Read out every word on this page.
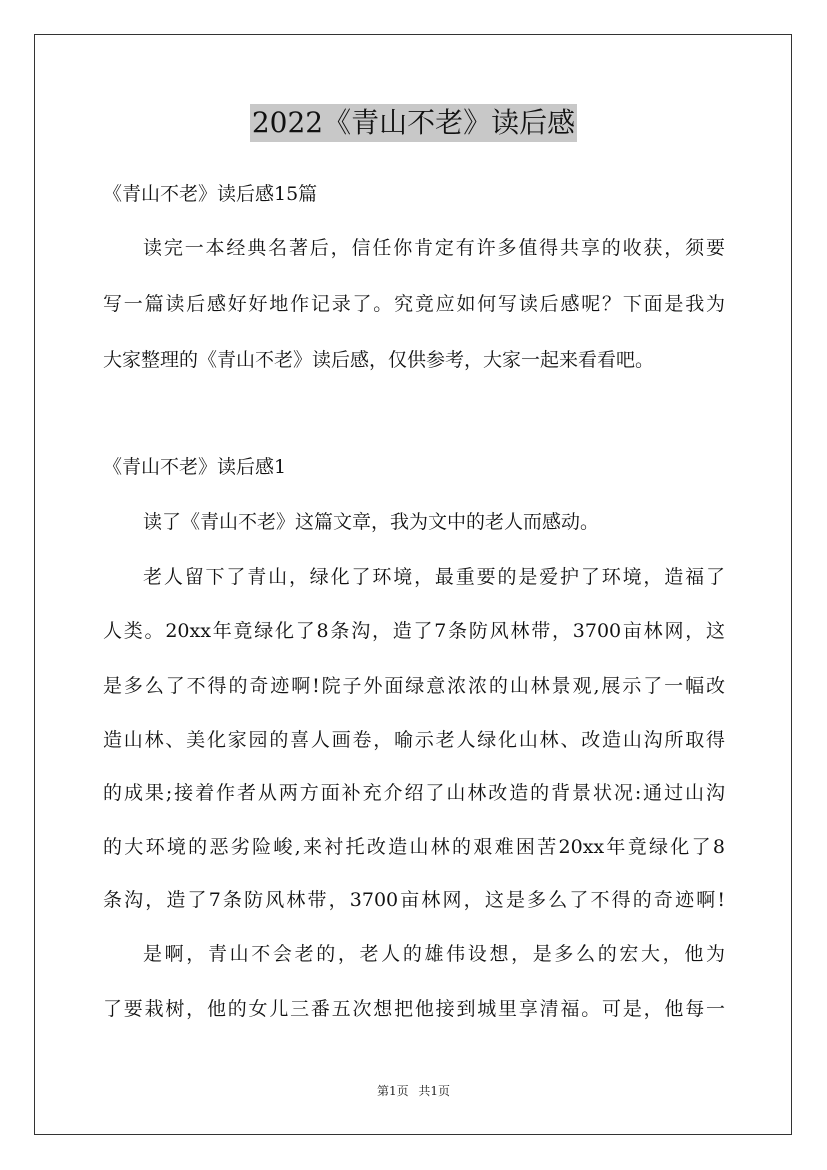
2022《青山不老》读后感
《青山不老》读后感15篇
读完一本经典名著后，信任你肯定有许多值得共享的收获，须要
写一篇读后感好好地作记录了。究竟应如何写读后感呢？下面是我为
大家整理的《青山不老》读后感，仅供参考，大家一起来看看吧。
《青山不老》读后感1
读了《青山不老》这篇文章，我为文中的老人而感动。
老人留下了青山，绿化了环境，最重要的是爱护了环境，造福了
人类。20xx年竟绿化了8条沟，造了7条防风林带，3700亩林网，这
是多么了不得的奇迹啊!院子外面绿意浓浓的山林景观,展示了一幅改
造山林、美化家园的喜人画卷，喻示老人绿化山林、改造山沟所取得
的成果;接着作者从两方面补充介绍了山林改造的背景状况:通过山沟
的大环境的恶劣险峻,来衬托改造山林的艰难困苦20xx年竟绿化了8
条沟，造了7条防风林带，3700亩林网，这是多么了不得的奇迹啊!
是啊，青山不会老的，老人的雄伟设想，是多么的宏大，他为
了要栽树，他的女儿三番五次想把他接到城里享清福。可是，他每一
第1页 共1页
